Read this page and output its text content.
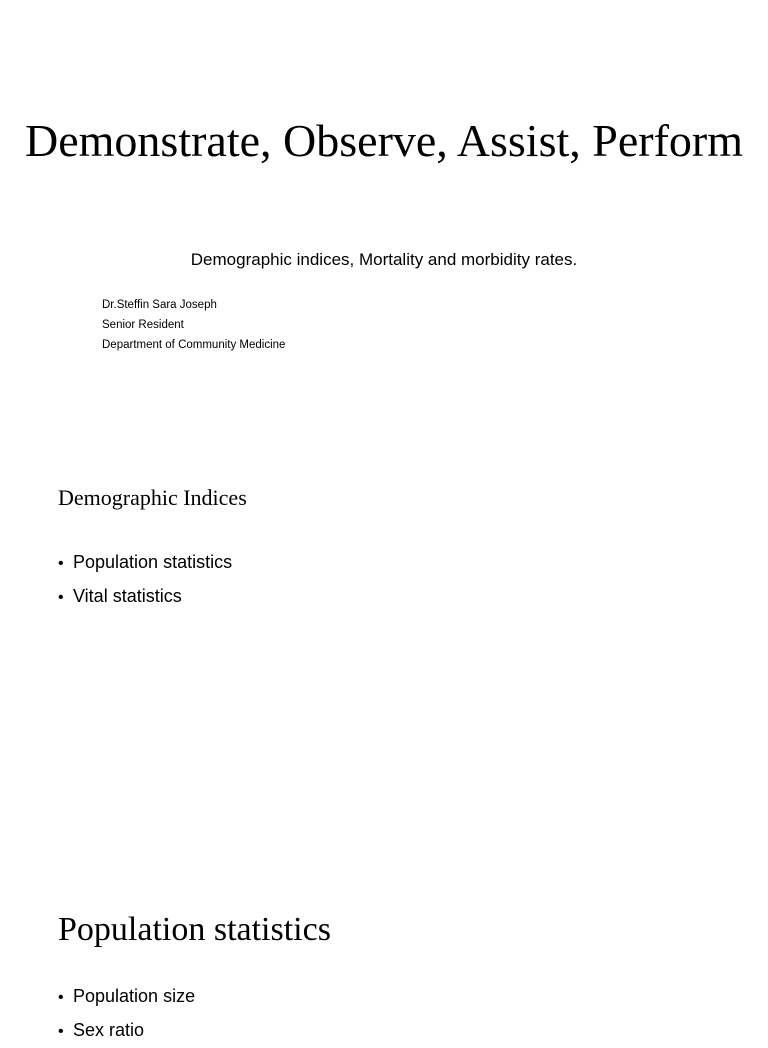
Demonstrate, Observe, Assist, Perform

Demographic indices, Mortality and morbidity rates.

Dr.Steffin Sara Joseph
Senior Resident
Department of Community Medicine
Demographic Indices
• Population statistics
• Vital statistics
Population statistics
• Population size
• Sex ratio
